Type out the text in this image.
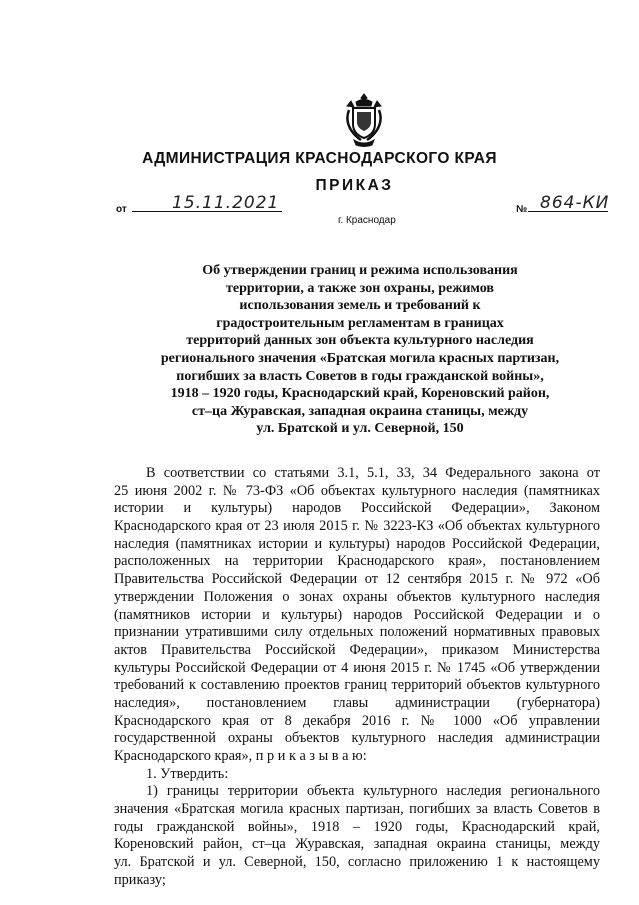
АДМИНИСТРАЦИЯ КРАСНОДАРСКОГО КРАЯ
ПРИКАЗ
от	15.11.2021
г. Краснодар
№ 864-КИ
Об утверждении границ и режима использования
территории, а также зон охраны, режимов
использования земель и требований к
градостроительным регламентам в границах
территорий данных зон объекта культурного наследия
регионального значения «Братская могила красных партизан,
погибших за власть Советов в годы гражданской войны»,
1918 – 1920 годы, Краснодарский край, Кореновский район,
ст–ца Журавская, западная окраина станицы, между
ул. Братской и ул. Северной, 150
В соответствии со статьями 3.1, 5.1, 33, 34 Федерального закона от
25 июня 2002 г. № 73-ФЗ «Об объектах культурного наследия (памятниках
истории и культуры) народов Российской Федерации», Законом
Краснодарского края от 23 июля 2015 г. № 3223-КЗ «Об объектах культурного
наследия (памятниках истории и культуры) народов Российской Федерации,
расположенных на территории Краснодарского края», постановлением
Правительства Российской Федерации от 12 сентября 2015 г. № 972 «Об
утверждении Положения о зонах охраны объектов культурного наследия
(памятников истории и культуры) народов Российской Федерации и о
признании утратившими силу отдельных положений нормативных правовых
актов Правительства Российской Федерации», приказом Министерства
культуры Российской Федерации от 4 июня 2015 г. № 1745 «Об утверждении
требований к составлению проектов границ территорий объектов культурного
наследия», постановлением главы администрации (губернатора)
Краснодарского края от 8 декабря 2016 г. № 1000 «Об управлении
государственной охраны объектов культурного наследия администрации
Краснодарского края», п р и к а з ы в а ю:
1. Утвердить:
1) границы территории объекта культурного наследия регионального
значения «Братская могила красных партизан, погибших за власть Советов в
годы гражданской войны», 1918 – 1920 годы, Краснодарский край,
Кореновский район, ст–ца Журавская, западная окраина станицы, между
ул. Братской и ул. Северной, 150, согласно приложению 1 к настоящему
приказу;
